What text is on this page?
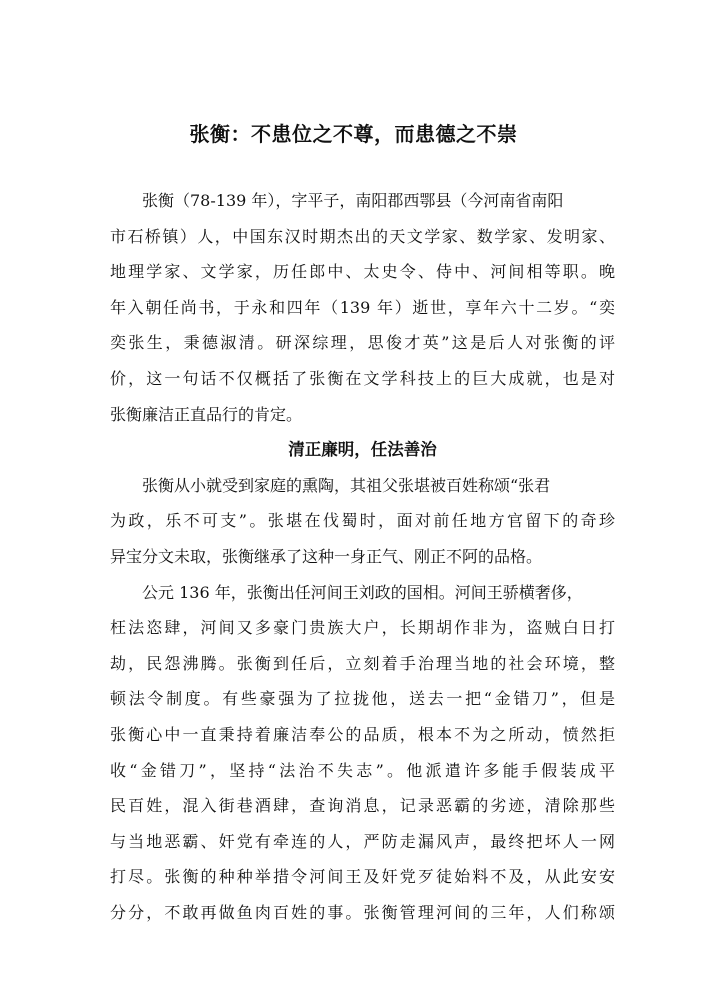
张衡：不患位之不尊，而患德之不崇
张衡（78-139 年），字平子，南阳郡西鄂县（今河南省南阳
市石桥镇）人，中国东汉时期杰出的天文学家、数学家、发明家、
地理学家、文学家，历任郎中、太史令、侍中、河间相等职。晚
年入朝任尚书，于永和四年（139 年）逝世，享年六十二岁。“奕
奕张生，秉德淑清。研深综理，思俊才英”这是后人对张衡的评
价，这一句话不仅概括了张衡在文学科技上的巨大成就，也是对
张衡廉洁正直品行的肯定。
清正廉明，任法善治
张衡从小就受到家庭的熏陶，其祖父张堪被百姓称颂“张君
为政，乐不可支”。张堪在伐蜀时，面对前任地方官留下的奇珍
异宝分文未取，张衡继承了这种一身正气、刚正不阿的品格。
公元 136 年，张衡出任河间王刘政的国相。河间王骄横奢侈，
枉法恣肆，河间又多豪门贵族大户，长期胡作非为，盗贼白日打
劫，民怨沸腾。张衡到任后，立刻着手治理当地的社会环境，整
顿法令制度。有些豪强为了拉拢他，送去一把“金错刀”，但是
张衡心中一直秉持着廉洁奉公的品质，根本不为之所动，愤然拒
收“金错刀”，坚持“法治不失志”。他派遣许多能手假装成平
民百姓，混入街巷酒肆，查询消息，记录恶霸的劣迹，清除那些
与当地恶霸、奸党有牵连的人，严防走漏风声，最终把坏人一网
打尽。张衡的种种举措令河间王及奸党歹徒始料不及，从此安安
分分，不敢再做鱼肉百姓的事。张衡管理河间的三年，人们称颂
